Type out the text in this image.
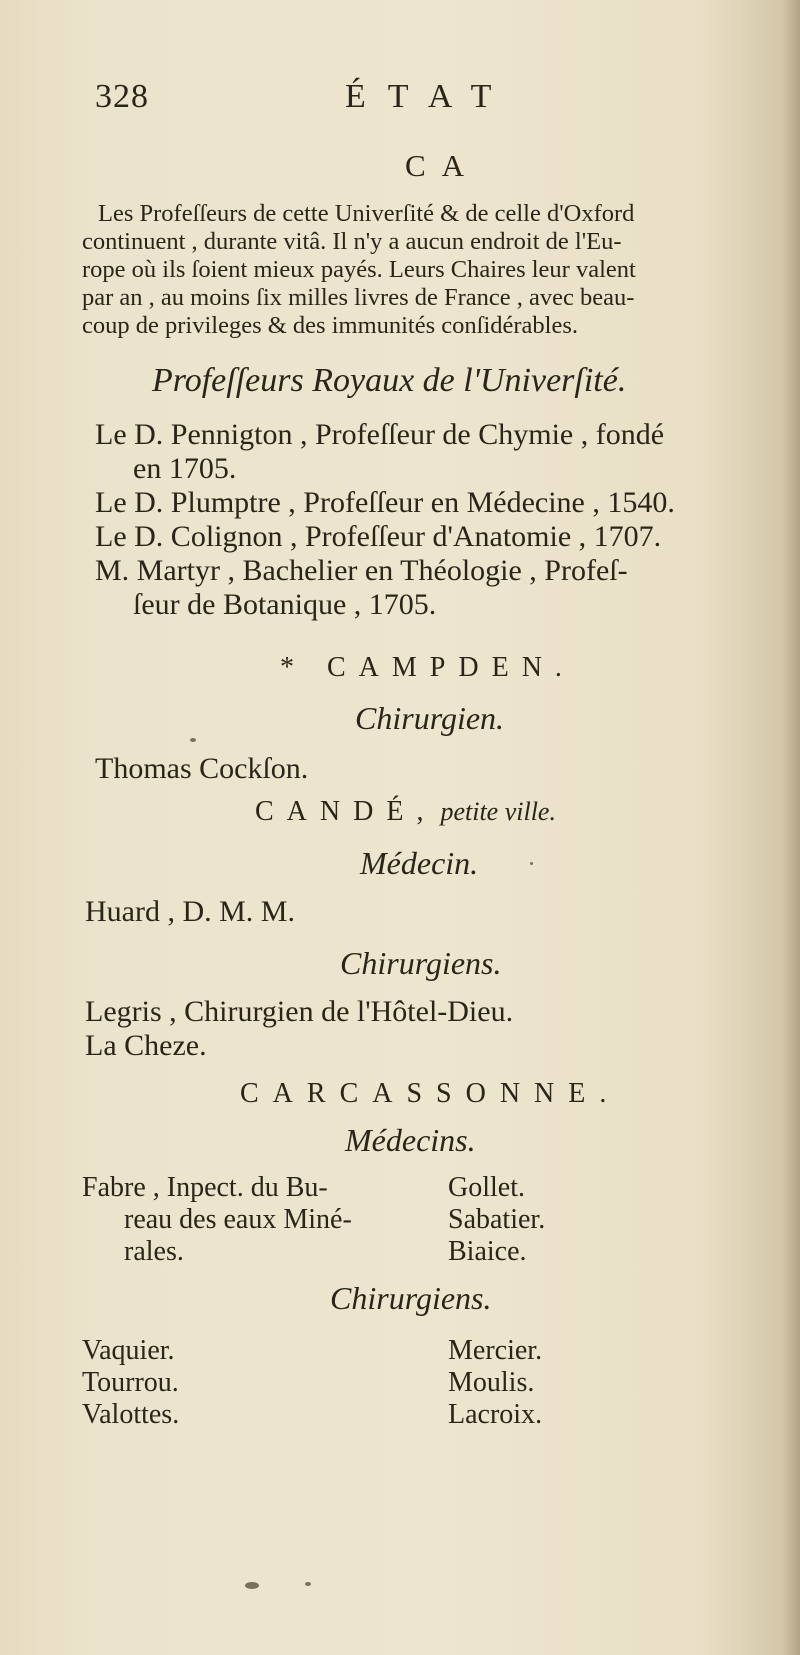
328	ÉTAT
CA

Les Profeſſeurs de cette Univerſité & de celle d'Oxford

continuent , durante vitâ. Il n'y a aucun endroit de l'Eu-

rope où ils ſoient mieux payés. Leurs Chaires leur valent

par an , au moins ſix milles livres de France , avec beau-

coup de privileges & des immunités conſidérables.

Profeſſeurs Royaux de l'Univerſité.

Le D. Pennigton , Profeſſeur de Chymie , fondé

en 1705.

Le D. Plumptre , Profeſſeur en Médecine , 1540.

Le D. Colignon , Profeſſeur d'Anatomie , 1707.

M. Martyr , Bachelier en Théologie , Profeſ-

ſeur de Botanique , 1705.

* CAMPDEN.
Chirurgien.
Thomas Cockſon.
CANDÉ, petite ville.
Médecin.
Huard , D. M. M.
Chirurgiens.

Legris , Chirurgien de l'Hôtel-Dieu.

La Cheze.

CARCASSONNE.
Médecins.

Fabre , Inpect. du Bu-

reau des eaux Miné-

rales.

Gollet.

Sabatier.

Biaice.

Chirurgiens.

Vaquier.

Tourrou.

Valottes.

Mercier.

Moulis.

Lacroix.
